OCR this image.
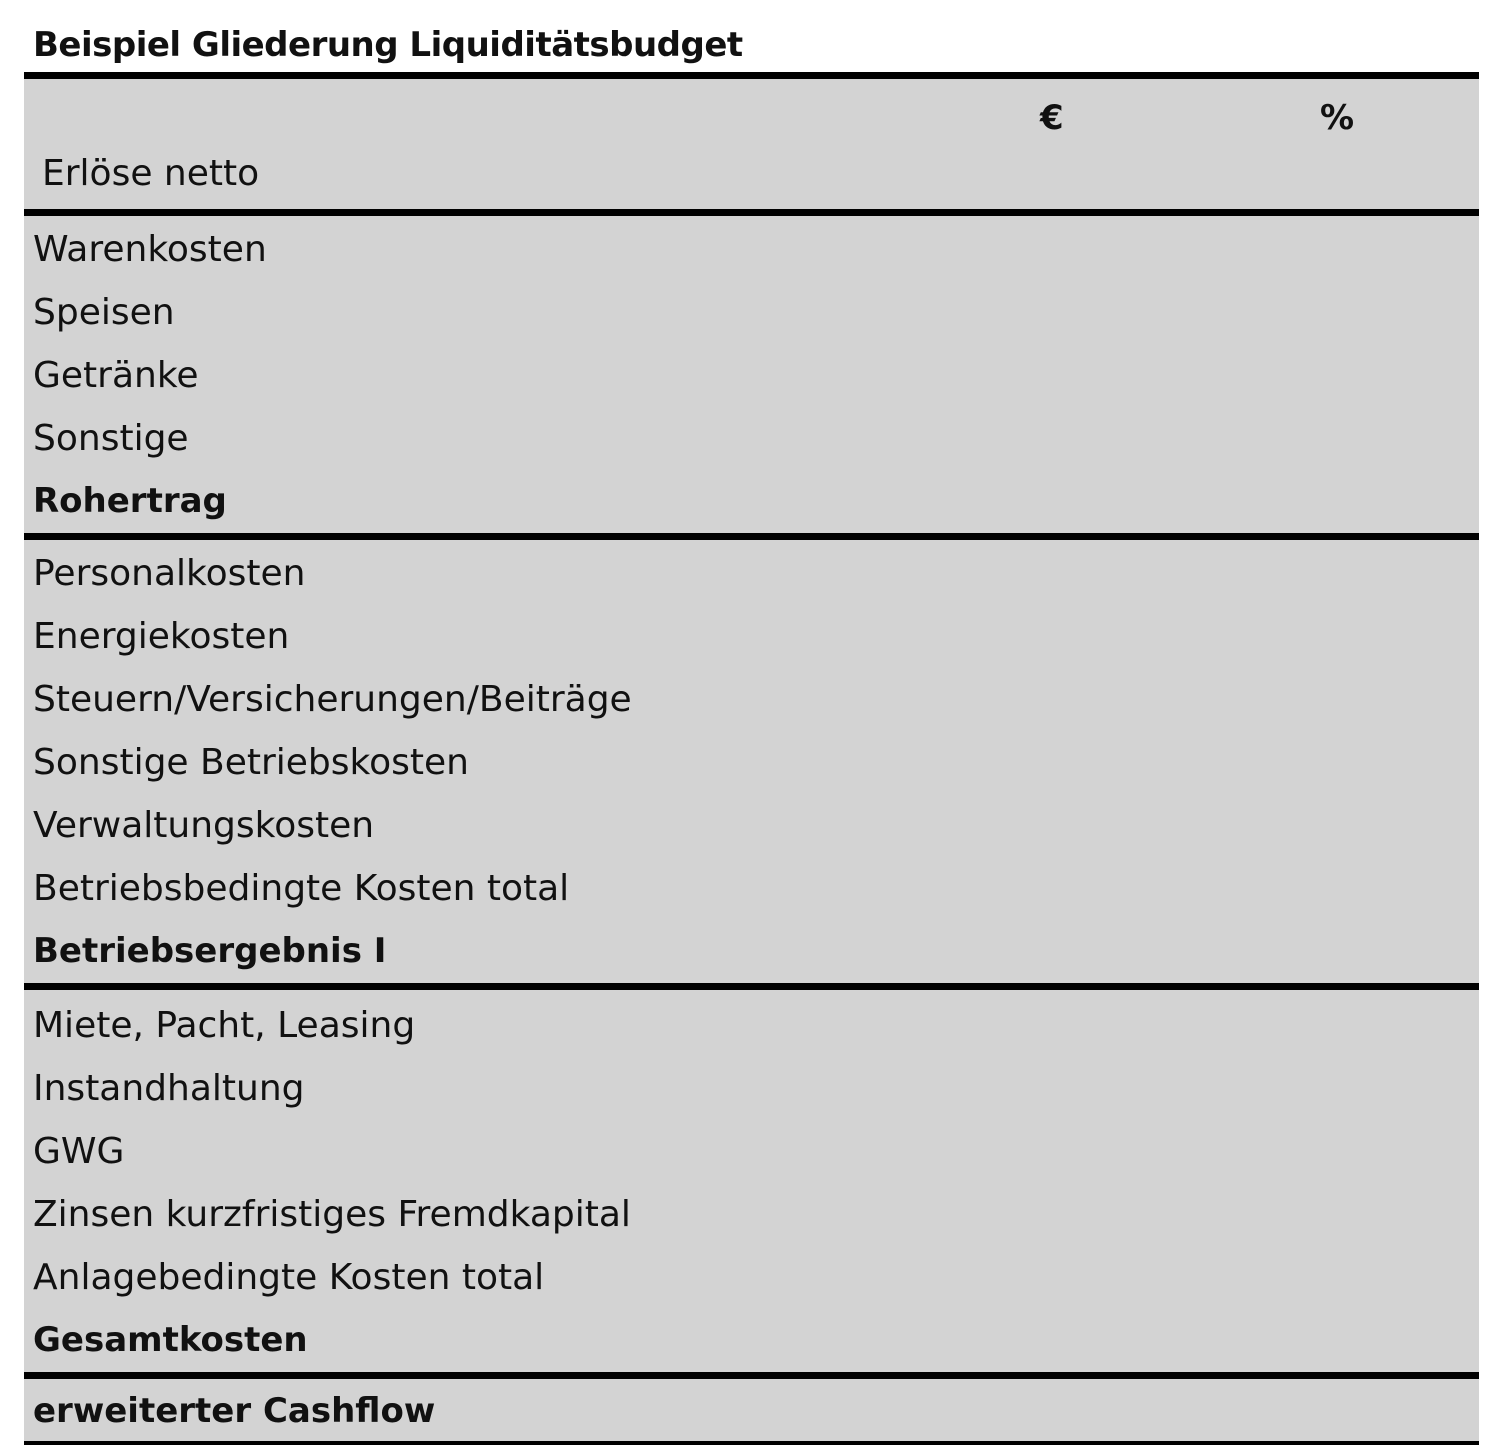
Beispiel Gliederung Liquiditätsbudget
€	%
Erlöse netto
Warenkosten
Speisen
Getränke
Sonstige
Rohertrag
Personalkosten
Energiekosten
Steuern/Versicherungen/Beiträge
Sonstige Betriebskosten
Verwaltungskosten
Betriebsbedingte Kosten total
Betriebsergebnis I
Miete, Pacht, Leasing
Instandhaltung
GWG
Zinsen kurzfristiges Fremdkapital
Anlagebedingte Kosten total
Gesamtkosten
erweiterter Cashflow
